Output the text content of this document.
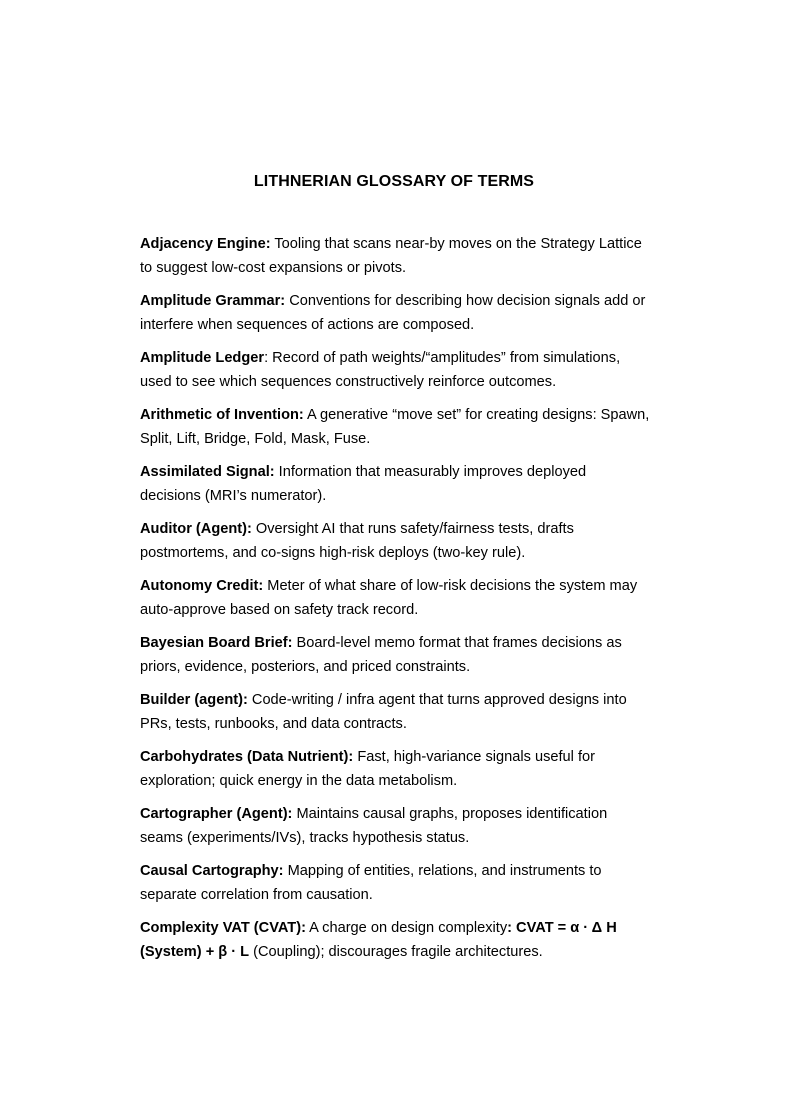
LITHNERIAN GLOSSARY OF TERMS

Adjacency Engine: Tooling that scans near-by moves on the Strategy Lattice to suggest low-cost expansions or pivots.

Amplitude Grammar: Conventions for describing how decision signals add or interfere when sequences of actions are composed.

Amplitude Ledger: Record of path weights/“amplitudes” from simulations, used to see which sequences constructively reinforce outcomes.

Arithmetic of Invention: A generative “move set” for creating designs: Spawn, Split, Lift, Bridge, Fold, Mask, Fuse.

Assimilated Signal: Information that measurably improves deployed decisions (MRI’s numerator).

Auditor (Agent): Oversight AI that runs safety/fairness tests, drafts postmortems, and co-signs high-risk deploys (two-key rule).

Autonomy Credit: Meter of what share of low-risk decisions the system may auto-approve based on safety track record.

Bayesian Board Brief: Board-level memo format that frames decisions as priors, evidence, posteriors, and priced constraints.

Builder (agent): Code-writing / infra agent that turns approved designs into PRs, tests, runbooks, and data contracts.

Carbohydrates (Data Nutrient): Fast, high-variance signals useful for exploration; quick energy in the data metabolism.

Cartographer (Agent): Maintains causal graphs, proposes identification seams (experiments/IVs), tracks hypothesis status.

Causal Cartography: Mapping of entities, relations, and instruments to separate correlation from causation.

Complexity VAT (CVAT): A charge on design complexity: CVAT = α · Δ H (System) + β · L (Coupling); discourages fragile architectures.
